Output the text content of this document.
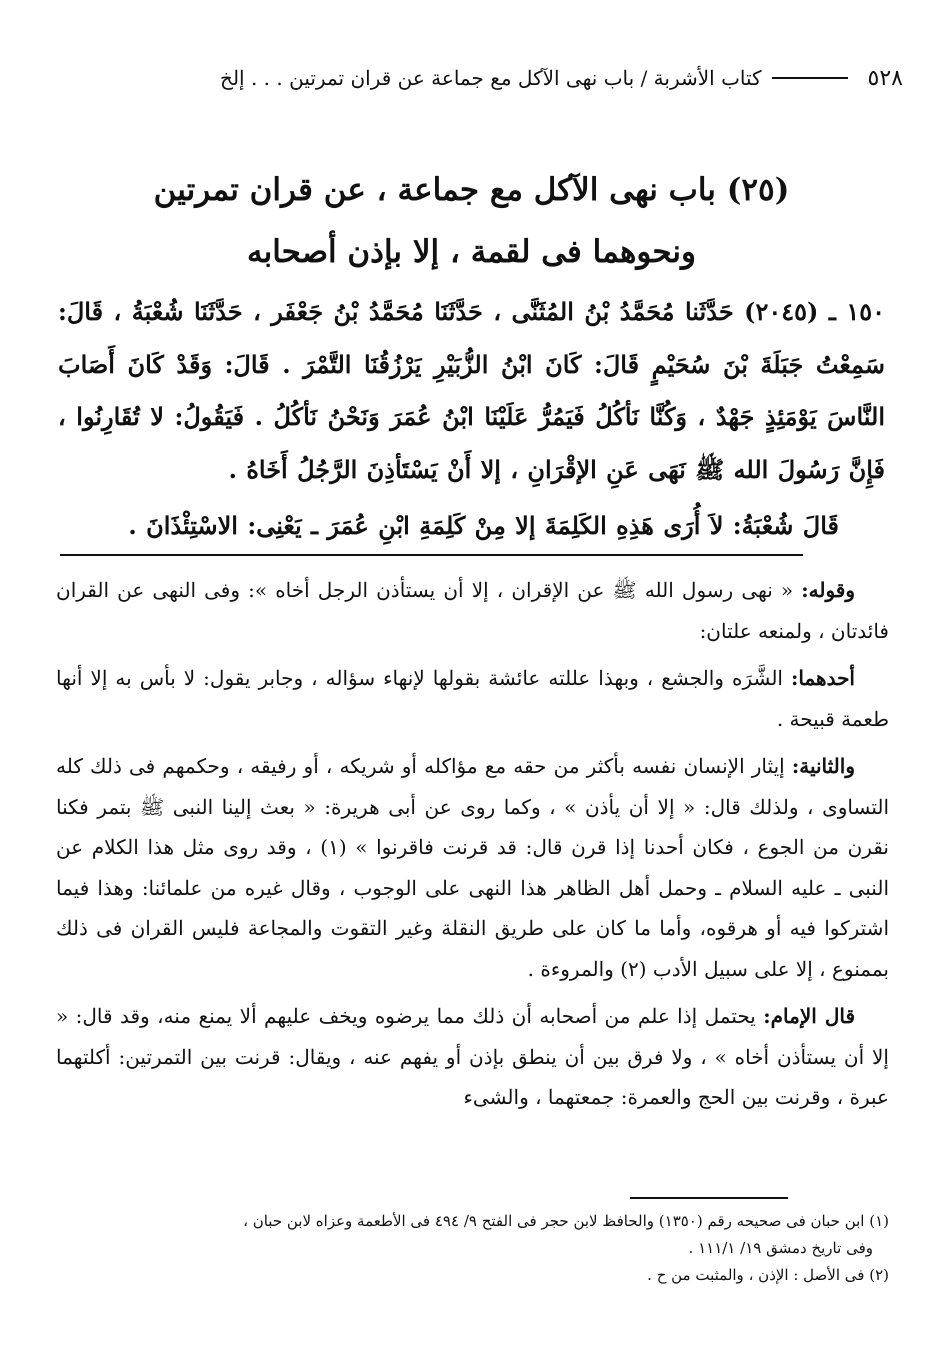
٥٢٨
كتاب الأشربة / باب نهى الآكل مع جماعة عن قران تمرتين . . . إلخ
(٢٥) باب نهى الآكل مع جماعة ، عن قران تمرتين
ونحوهما فى لقمة ، إلا بإذن أصحابه

١٥٠ ـ (٢٠٤٥) حَدَّثَنا مُحَمَّدُ بْنُ المُثَنَّى ، حَدَّثَنَا مُحَمَّدُ بْنُ جَعْفَر ، حَدَّثَنَا شُعْبَةُ ، قَالَ: سَمِعْتُ جَبَلَةَ بْنَ سُحَيْمٍ قَالَ: كَانَ ابْنُ الزُّبَيْرِ يَرْزُقُنَا التَّمْرَ . قَالَ: وَقَدْ كَانَ أَصَابَ النَّاسَ يَوْمَئِذٍ جَهْدٌ ، وَكُنَّا نَأكُلُ فَيَمُرُّ عَلَيْنَا ابْنُ عُمَرَ وَنَحْنُ نَأكُلُ . فَيَقُولُ: لا تُقَارِنُوا ، فَإِنَّ رَسُولَ الله ﷺ نَهَى عَنِ الإقْرَانِ ، إلا أَنْ يَسْتَأذِنَ الرَّجُلُ أَخَاهُ .

قَالَ شُعْبَةُ: لاَ أُرَى هَذِهِ الكَلِمَةَ إلا مِنْ كَلِمَةِ ابْنِ عُمَرَ ـ يَعْنِى: الاسْتِئْذَانَ .

وقوله: « نهى رسول الله ﷺ عن الإقران ، إلا أن يستأذن الرجل أخاه »: وفى النهى عن القران فائدتان ، ولمنعه علتان:

أحدهما: الشَّرَه والجشع ، وبهذا عللته عائشة بقولها لإنهاء سؤاله ، وجابر يقول: لا بأس به إلا أنها طعمة قبيحة .

والثانية: إيثار الإنسان نفسه بأكثر من حقه مع مؤاكله أو شريكه ، أو رفيقه ، وحكمهم فى ذلك كله التساوى ، ولذلك قال: « إلا أن يأذن » ، وكما روى عن أبى هريرة: « بعث إلينا النبى ﷺ بتمر فكنا نقرن من الجوع ، فكان أحدنا إذا قرن قال: قد قرنت فاقرنوا » (١) ، وقد روى مثل هذا الكلام عن النبى ـ عليه السلام ـ وحمل أهل الظاهر هذا النهى على الوجوب ، وقال غيره من علمائنا: وهذا فيما اشتركوا فيه أو هرقوه، وأما ما كان على طريق النقلة وغير التقوت والمجاعة فليس القران فى ذلك بممنوع ، إلا على سبيل الأدب (٢) والمروءة .

قال الإمام: يحتمل إذا علم من أصحابه أن ذلك مما يرضوه ويخف عليهم ألا يمنع منه، وقد قال: « إلا أن يستأذن أخاه » ، ولا فرق بين أن ينطق بإذن أو يفهم عنه ، ويقال: قرنت بين التمرتين: أكلتهما عبرة ، وقرنت بين الحج والعمرة: جمعتهما ، والشىء

(١) ابن حبان فى صحيحه رقم (١٣٥٠) والحافظ لابن حجر فى الفتح ٩/ ٤٩٤ فى الأطعمة وعزاه لابن حبان ،

وفى تاريخ دمشق ١٩/ ١١١/١ .

(٢) فى الأصل : الإذن ، والمثبت من ح .
